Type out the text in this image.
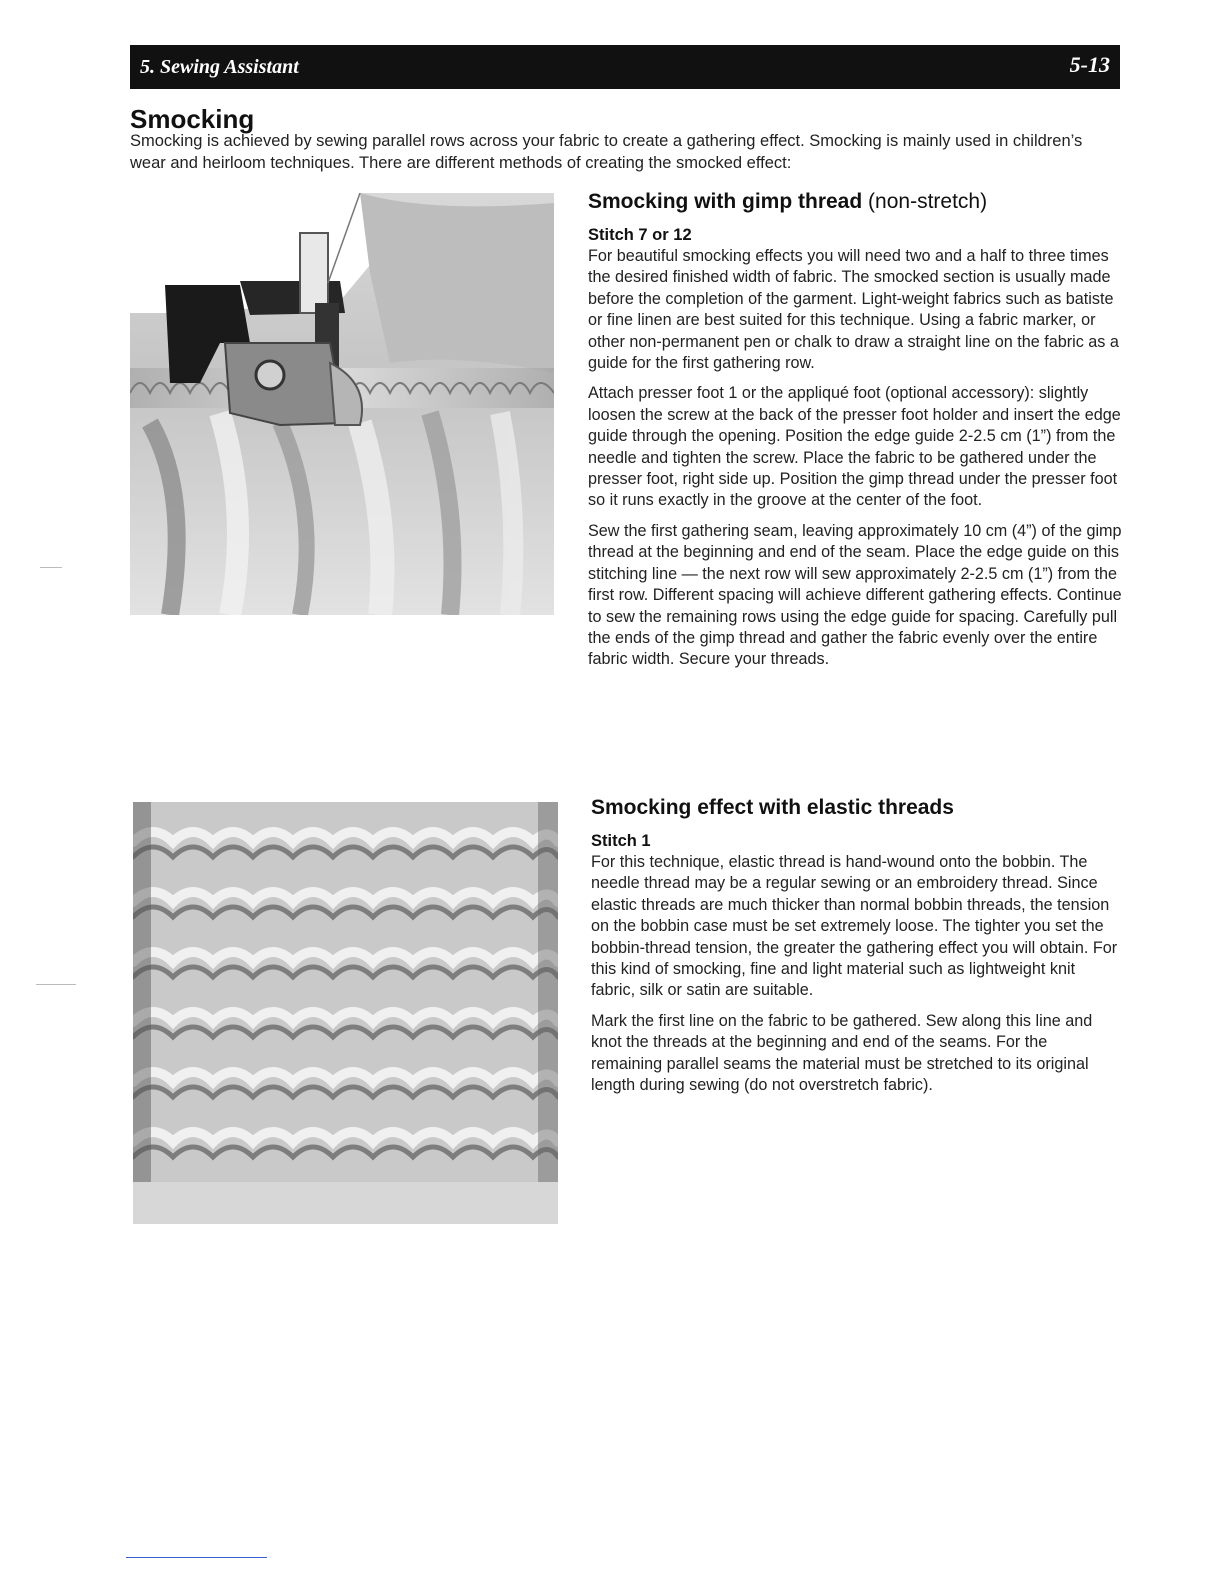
5. Sewing Assistant	5-13
Smocking

Smocking is achieved by sewing parallel rows across your fabric to create a gathering effect. Smocking is mainly used in children’s wear and heirloom techniques. There are different methods of creating the smocked effect:

Smocking with gimp thread (non-stretch)

Stitch 7 or 12

For beautiful smocking effects you will need two and a half to three times the desired finished width of fabric. The smocked section is usually made before the completion of the garment. Light-weight fabrics such as batiste or fine linen are best suited for this technique. Using a fabric marker, or other non-permanent pen or chalk to draw a straight line on the fabric as a guide for the first gathering row.

Attach presser foot 1 or the appliqué foot (optional accessory): slightly loosen the screw at the back of the presser foot holder and insert the edge guide through the opening. Position the edge guide 2-2.5 cm (1”) from the needle and tighten the screw. Place the fabric to be gathered under the presser foot, right side up. Position the gimp thread under the presser foot so it runs exactly in the groove at the center of the foot.

Sew the first gathering seam, leaving approximately 10 cm (4”) of the gimp thread at the beginning and end of the seam. Place the edge guide on this stitching line — the next row will sew approximately 2-2.5 cm (1”) from the first row. Different spacing will achieve different gathering effects. Continue to sew the remaining rows using the edge guide for spacing. Carefully pull the ends of the gimp thread and gather the fabric evenly over the entire fabric width. Secure your threads.

Smocking effect with elastic threads

Stitch 1

For this technique, elastic thread is hand-wound onto the bobbin. The needle thread may be a regular sewing or an embroidery thread. Since elastic threads are much thicker than normal bobbin threads, the tension on the bobbin case must be set extremely loose. The tighter you set the bobbin-thread tension, the greater the gathering effect you will obtain. For this kind of smocking, fine and light material such as lightweight knit fabric, silk or satin are suitable.

Mark the first line on the fabric to be gathered. Sew along this line and knot the threads at the beginning and end of the seams. For the remaining parallel seams the material must be stretched to its original length during sewing (do not overstretch fabric).
